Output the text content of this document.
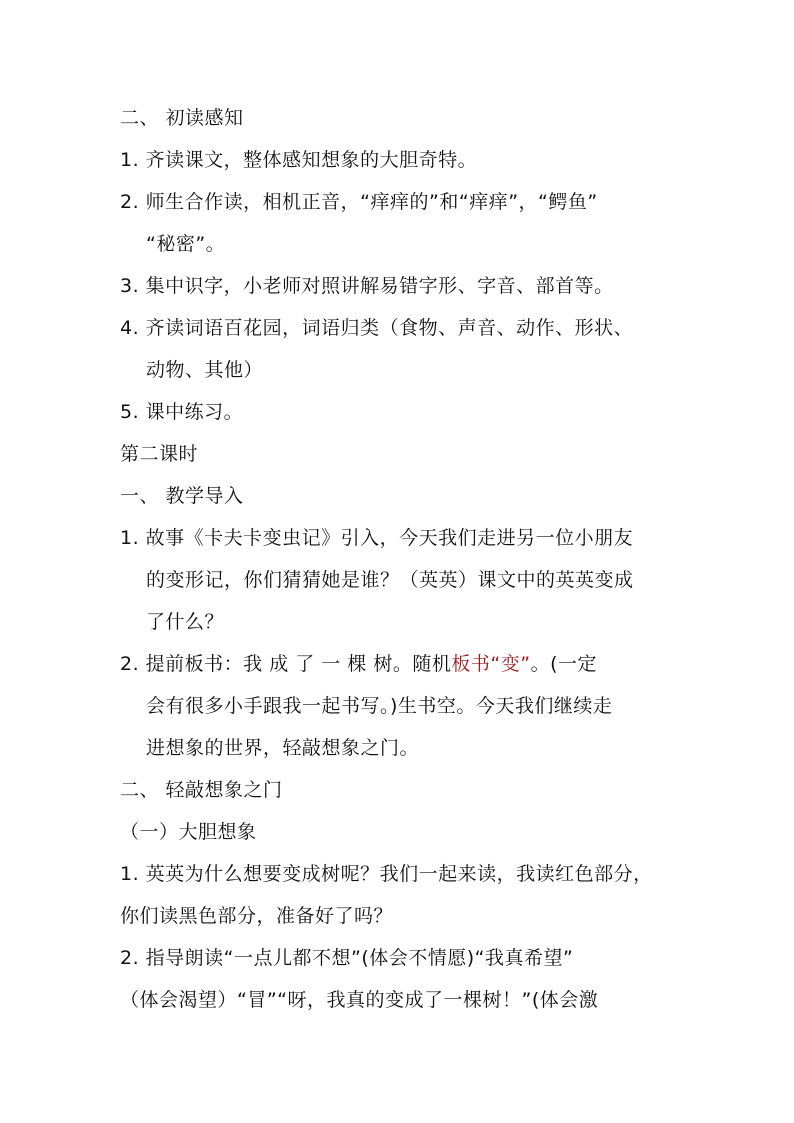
二、 初读感知
1. 齐读课文，整体感知想象的大胆奇特。
2. 师生合作读，相机正音，“痒痒的”和“痒痒”，“鳄鱼”
“秘密”。
3. 集中识字，小老师对照讲解易错字形、字音、部首等。
4. 齐读词语百花园，词语归类（食物、声音、动作、形状、
动物、其他）
5. 课中练习。
第二课时
一、 教学导入
1. 故事《卡夫卡变虫记》引入，今天我们走进另一位小朋友
的变形记，你们猜猜她是谁？（英英）课文中的英英变成
了什么？
2. 提前板书：我 成 了 一 棵 树。随机板书“变”。(一定
会有很多小手跟我一起书写。)生书空。今天我们继续走
进想象的世界，轻敲想象之门。
二、 轻敲想象之门
（一）大胆想象
1. 英英为什么想要变成树呢？我们一起来读，我读红色部分，
你们读黑色部分，准备好了吗？
2. 指导朗读“一点儿都不想”(体会不情愿)“我真希望”
（体会渴望）“冒”“呀，我真的变成了一棵树！”(体会激
